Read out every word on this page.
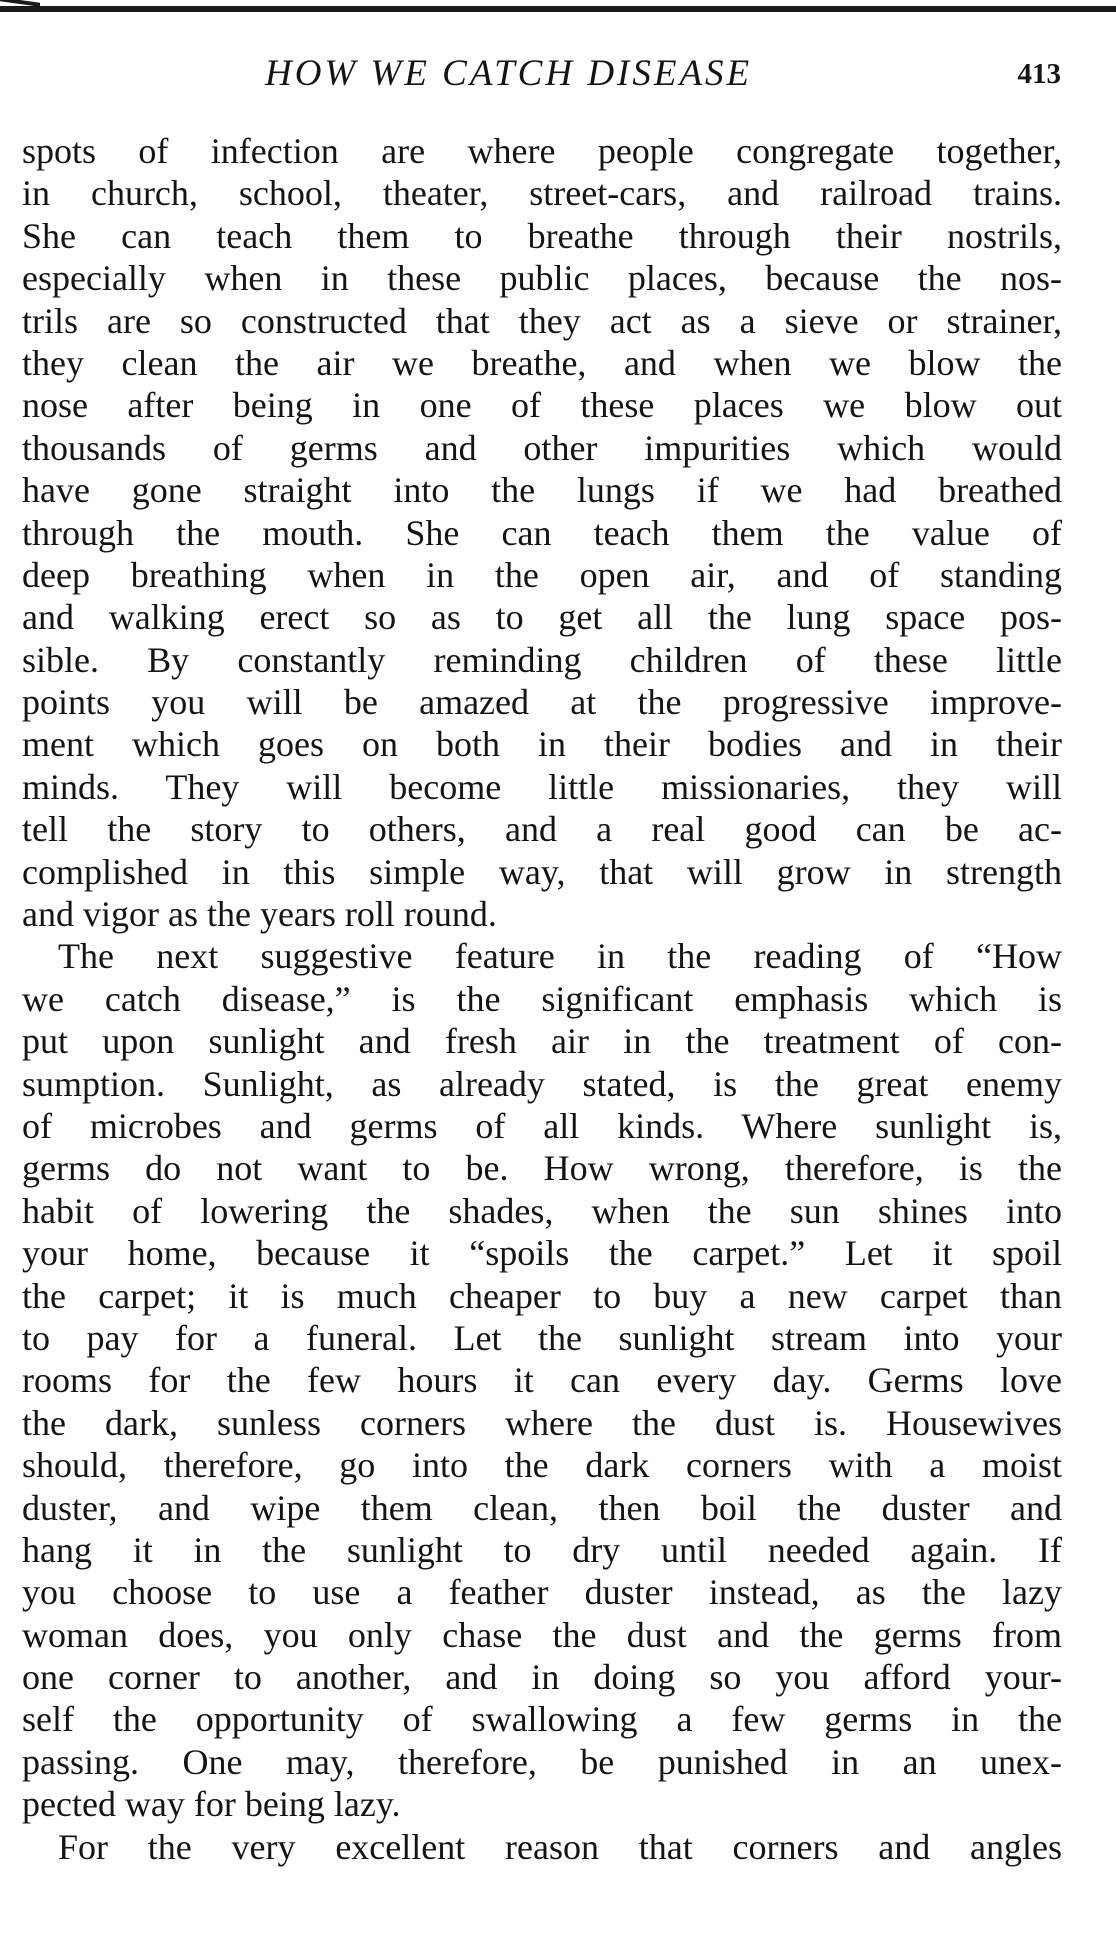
HOW WE CATCH DISEASE	413
spots of infection are where people congregate together,
in church, school, theater, street-cars, and railroad trains.
She can teach them to breathe through their nostrils,
especially when in these public places, because the nos-
trils are so constructed that they act as a sieve or strainer,
they clean the air we breathe, and when we blow the
nose after being in one of these places we blow out
thousands of germs and other impurities which would
have gone straight into the lungs if we had breathed
through the mouth. She can teach them the value of
deep breathing when in the open air, and of standing
and walking erect so as to get all the lung space pos-
sible. By constantly reminding children of these little
points you will be amazed at the progressive improve-
ment which goes on both in their bodies and in their
minds. They will become little missionaries, they will
tell the story to others, and a real good can be ac-
complished in this simple way, that will grow in strength
and vigor as the years roll round.
The next suggestive feature in the reading of “How
we catch disease,” is the significant emphasis which is
put upon sunlight and fresh air in the treatment of con-
sumption. Sunlight, as already stated, is the great enemy
of microbes and germs of all kinds. Where sunlight is,
germs do not want to be. How wrong, therefore, is the
habit of lowering the shades, when the sun shines into
your home, because it “spoils the carpet.” Let it spoil
the carpet; it is much cheaper to buy a new carpet than
to pay for a funeral. Let the sunlight stream into your
rooms for the few hours it can every day. Germs love
the dark, sunless corners where the dust is. Housewives
should, therefore, go into the dark corners with a moist
duster, and wipe them clean, then boil the duster and
hang it in the sunlight to dry until needed again. If
you choose to use a feather duster instead, as the lazy
woman does, you only chase the dust and the germs from
one corner to another, and in doing so you afford your-
self the opportunity of swallowing a few germs in the
passing. One may, therefore, be punished in an unex-
pected way for being lazy.
For the very excellent reason that corners and angles
